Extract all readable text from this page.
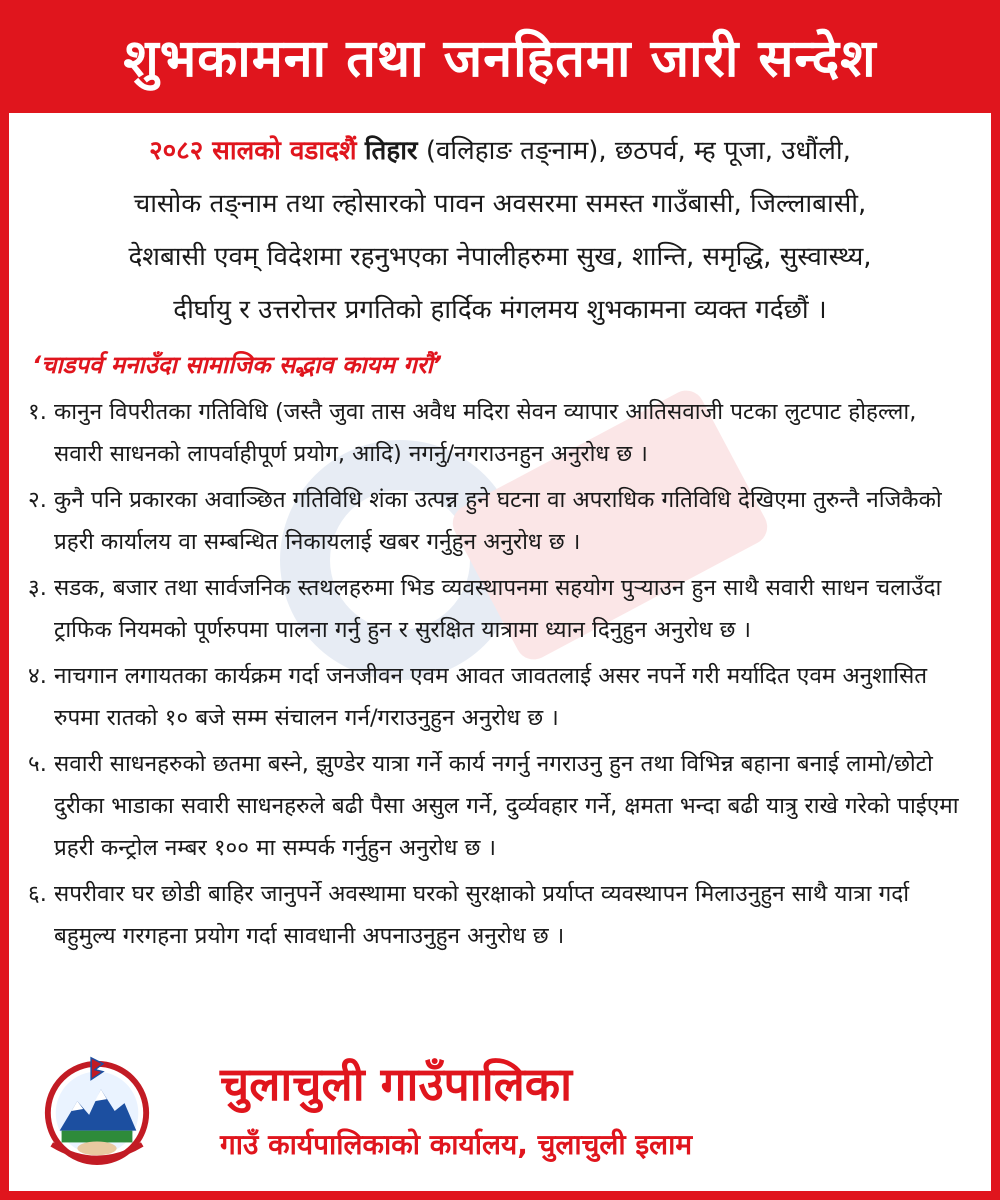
शुभकामना तथा जनहितमा जारी सन्देश

२०८२ सालको वडादशैं तिहार (वलिहाङ तङ्नाम), छठपर्व, म्ह पूजा, उधौंली,
चासोक तङ्नाम तथा ल्होसारको पावन अवसरमा समस्त गाउँबासी, जिल्लाबासी,
देशबासी एवम् विदेशमा रहनुभएका नेपालीहरुमा सुख, शान्ति, समृद्धि, सुस्वास्थ्य,
दीर्घायु र उत्तरोत्तर प्रगतिको हार्दिक मंगलमय शुभकामना व्यक्त गर्दछौं ।

‘चाडपर्व मनाउँदा सामाजिक सद्भाव कायम गरौं’
१. कानुन विपरीतका गतिविधि (जस्तै जुवा तास अवैध मदिरा सेवन व्यापार आतिसवाजी पटका लुटपाट होहल्ला, सवारी साधनको लापर्वाहीपूर्ण प्रयोग, आदि) नगर्नु/नगराउनहुन अनुरोध छ ।
२. कुनै पनि प्रकारका अवाञ्छित गतिविधि शंका उत्पन्न हुने घटना वा अपराधिक गतिविधि देखिएमा तुरुन्तै नजिकैको प्रहरी कार्यालय वा सम्बन्धित निकायलाई खबर गर्नुहुन अनुरोध छ ।
३. सडक, बजार तथा सार्वजनिक स्तथलहरुमा भिड व्यवस्थापनमा सहयोग पुऱ्याउन हुन साथै सवारी साधन चलाउँदा ट्राफिक नियमको पूर्णरुपमा पालना गर्नु हुन र सुरक्षित यात्रामा ध्यान दिनुहुन अनुरोध छ ।
४. नाचगान लगायतका कार्यक्रम गर्दा जनजीवन एवम आवत जावतलाई असर नपर्ने गरी मर्यादित एवम अनुशासित रुपमा रातको १० बजे सम्म संचालन गर्न/गराउनुहुन अनुरोध छ ।
५. सवारी साधनहरुको छतमा बस्ने, झुण्डेर यात्रा गर्ने कार्य नगर्नु नगराउनु हुन तथा विभिन्न बहाना बनाई लामो/छोटो दुरीका भाडाका सवारी साधनहरुले बढी पैसा असुल गर्ने, दुर्व्यवहार गर्ने, क्षमता भन्दा बढी यात्रु राखे गरेको पाईएमा प्रहरी कन्ट्रोल नम्बर १०० मा सम्पर्क गर्नुहुन अनुरोध छ ।
६. सपरीवार घर छोडी बाहिर जानुपर्ने अवस्थामा घरको सुरक्षाको प्रर्याप्त व्यवस्थापन मिलाउनुहुन साथै यात्रा गर्दा बहुमुल्य गरगहना प्रयोग गर्दा सावधानी अपनाउनुहुन अनुरोध छ ।
चुलाचुली गाउँपालिका
गाउँ कार्यपालिकाको कार्यालय, चुलाचुली इलाम
